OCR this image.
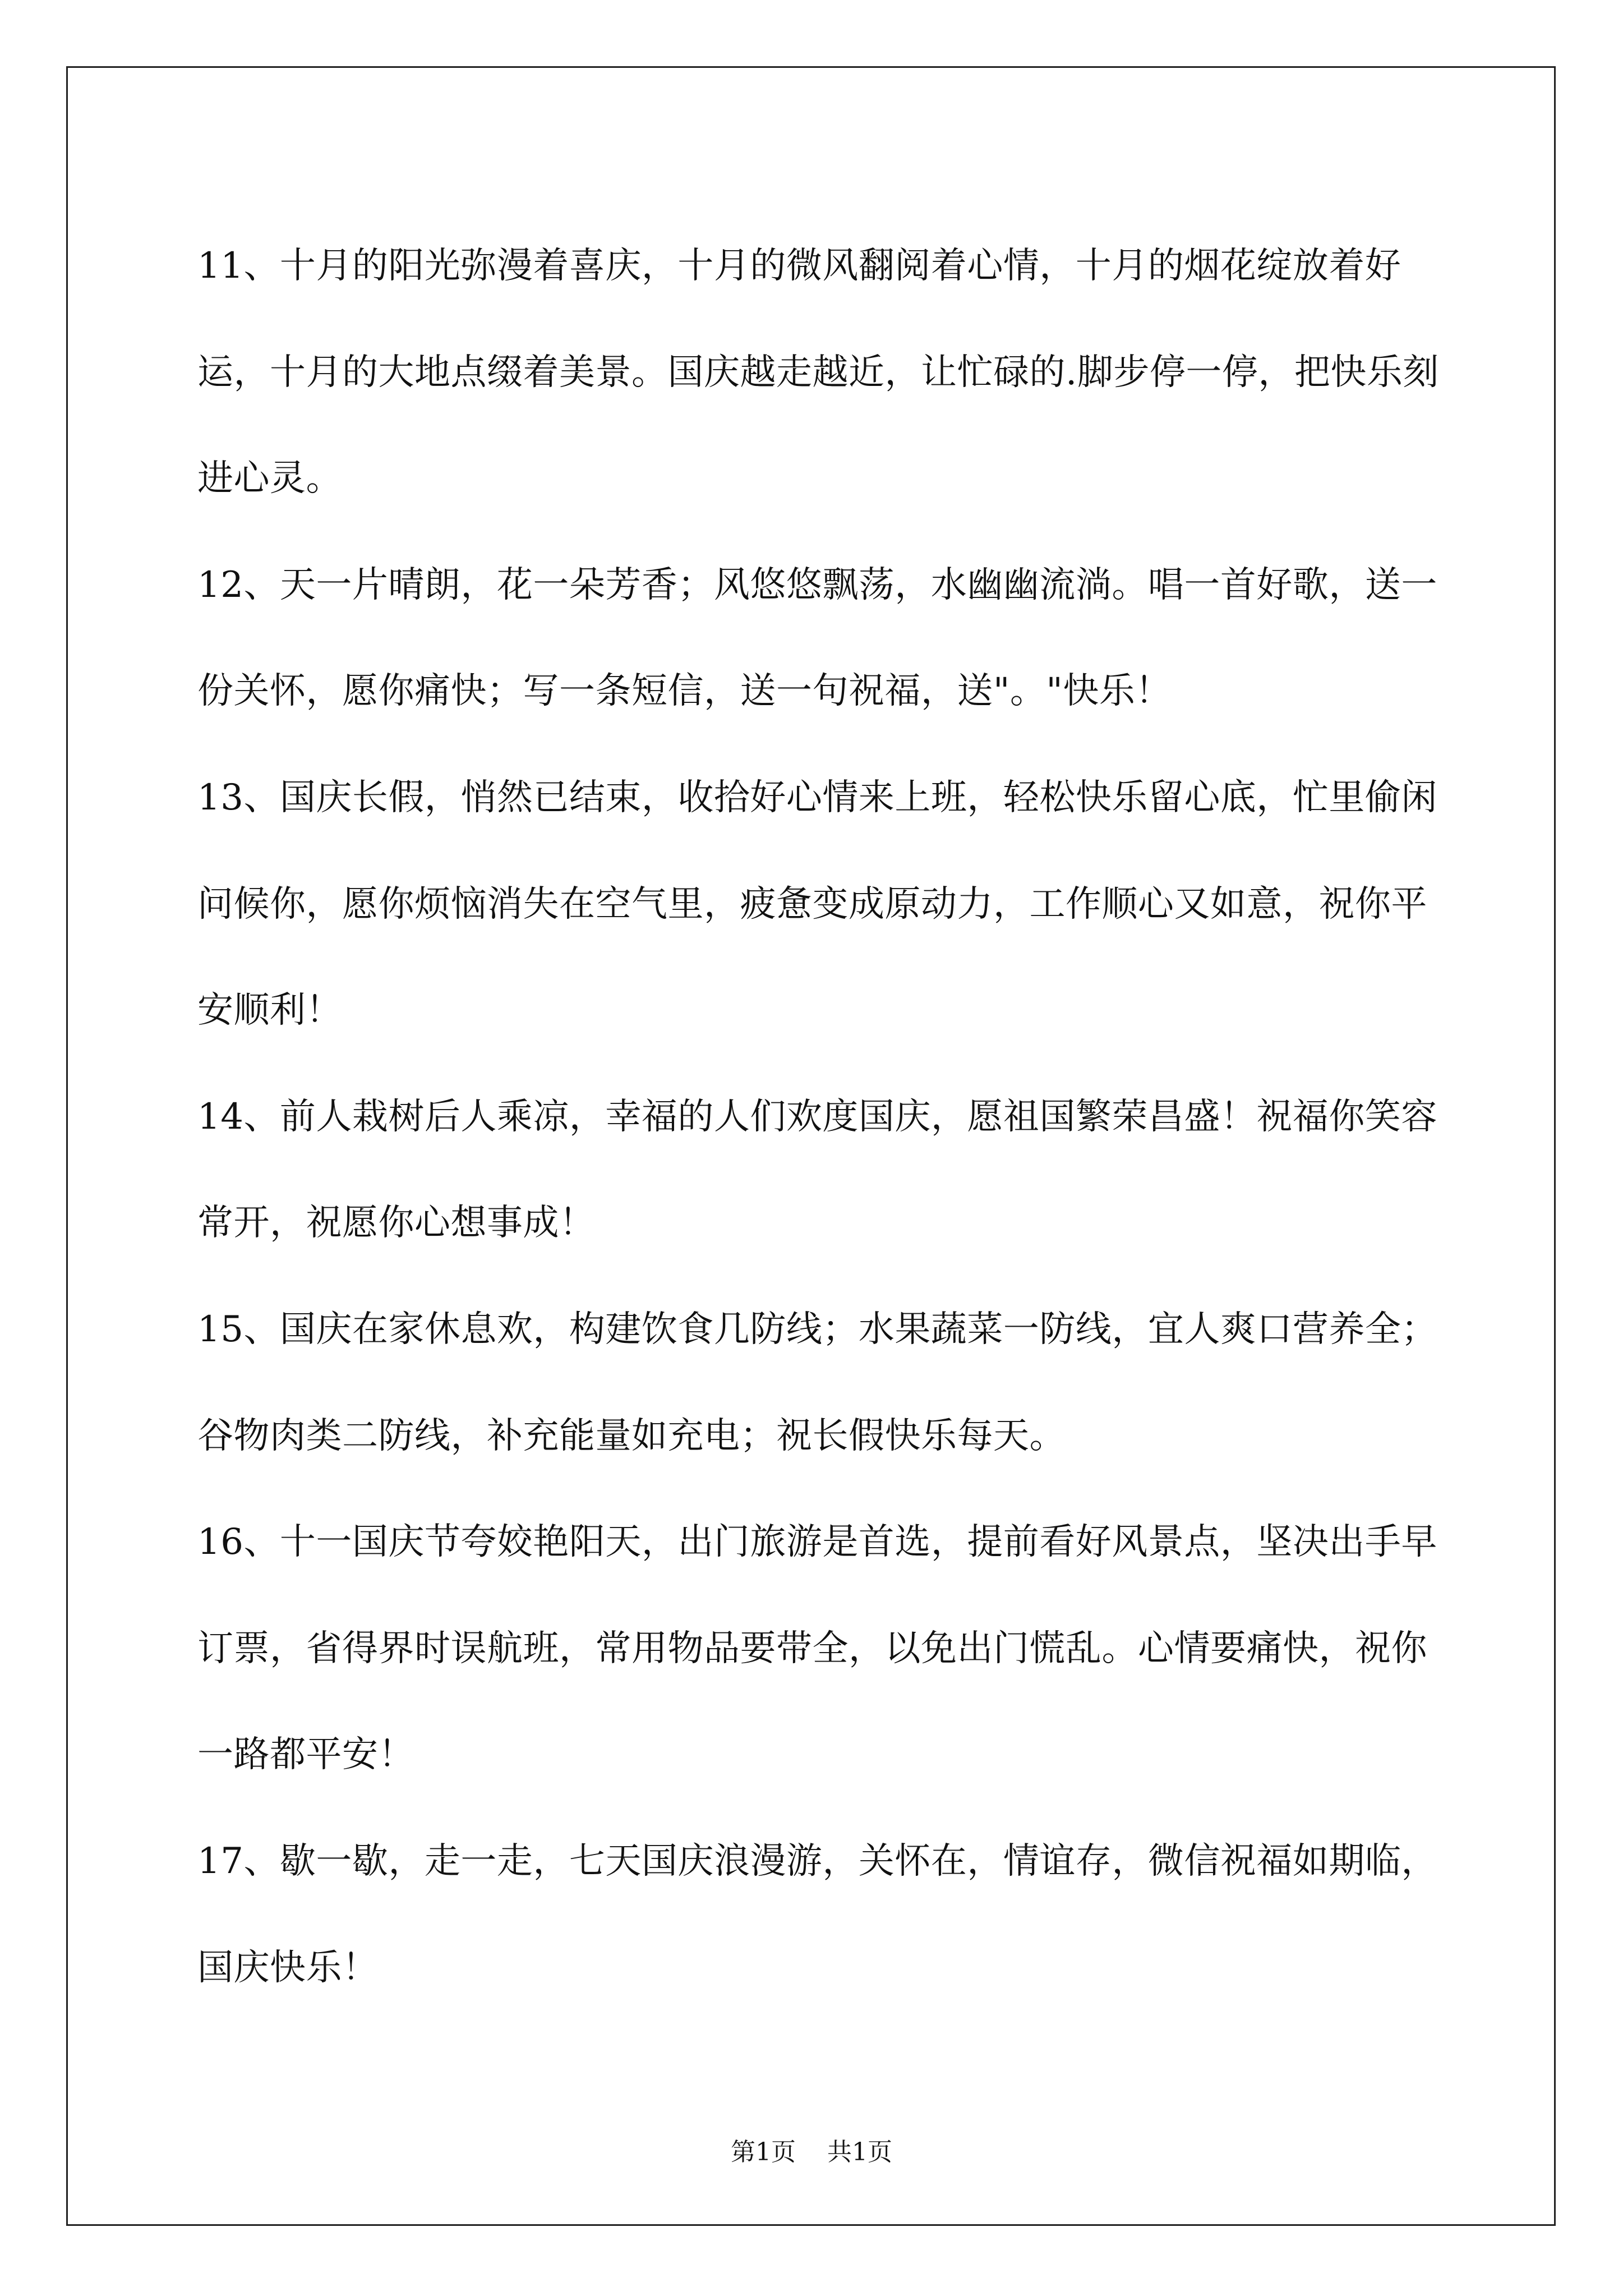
11、十月的阳光弥漫着喜庆，十月的微风翻阅着心情，十月的烟花绽放着好运，十月的大地点缀着美景。国庆越走越近，让忙碌的.脚步停一停，把快乐刻进心灵。

12、天一片晴朗，花一朵芳香；风悠悠飘荡，水幽幽流淌。唱一首好歌，送一份关怀，愿你痛快；写一条短信，送一句祝福，送"。"快乐！

13、国庆长假，悄然已结束，收拾好心情来上班，轻松快乐留心底，忙里偷闲问候你，愿你烦恼消失在空气里，疲惫变成原动力，工作顺心又如意，祝你平安顺利！

14、前人栽树后人乘凉，幸福的人们欢度国庆，愿祖国繁荣昌盛！祝福你笑容常开，祝愿你心想事成！

15、国庆在家休息欢，构建饮食几防线；水果蔬菜一防线，宜人爽口营养全；谷物肉类二防线，补充能量如充电；祝长假快乐每天。

16、十一国庆节夸姣艳阳天，出门旅游是首选，提前看好风景点，坚决出手早订票，省得界时误航班，常用物品要带全，以免出门慌乱。心情要痛快，祝你一路都平安！

17、歇一歇，走一走，七天国庆浪漫游，关怀在，情谊存，微信祝福如期临，国庆快乐！

第1页 共1页
